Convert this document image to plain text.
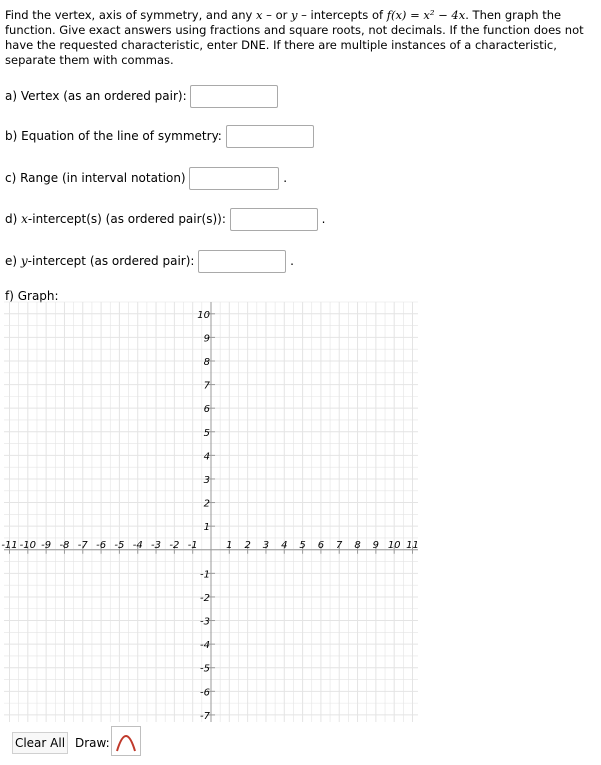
Find the vertex, axis of symmetry, and any x – or y – intercepts of f(x) = x² − 4x. Then graph the function. Give exact answers using fractions and square roots, not decimals. If the function does not have the requested characteristic, enter DNE. If there are multiple instances of a characteristic, separate them with commas.
a) Vertex (as an ordered pair):
b) Equation of the line of symmetry:
c) Range (in interval notation)	.
d) x-intercept(s) (as ordered pair(s)):	.
e) y-intercept (as ordered pair):	.
f) Graph:
-11 -10 -9 -8 -7 -6 -5 -4 -3 -2 -1	1 2 3 4 5 6 7 8 9 10 11
10
9
8
7
6
5
4
3
2
1
-1
-2
-3
-4
-5
-6
-7
Clear All Draw:
